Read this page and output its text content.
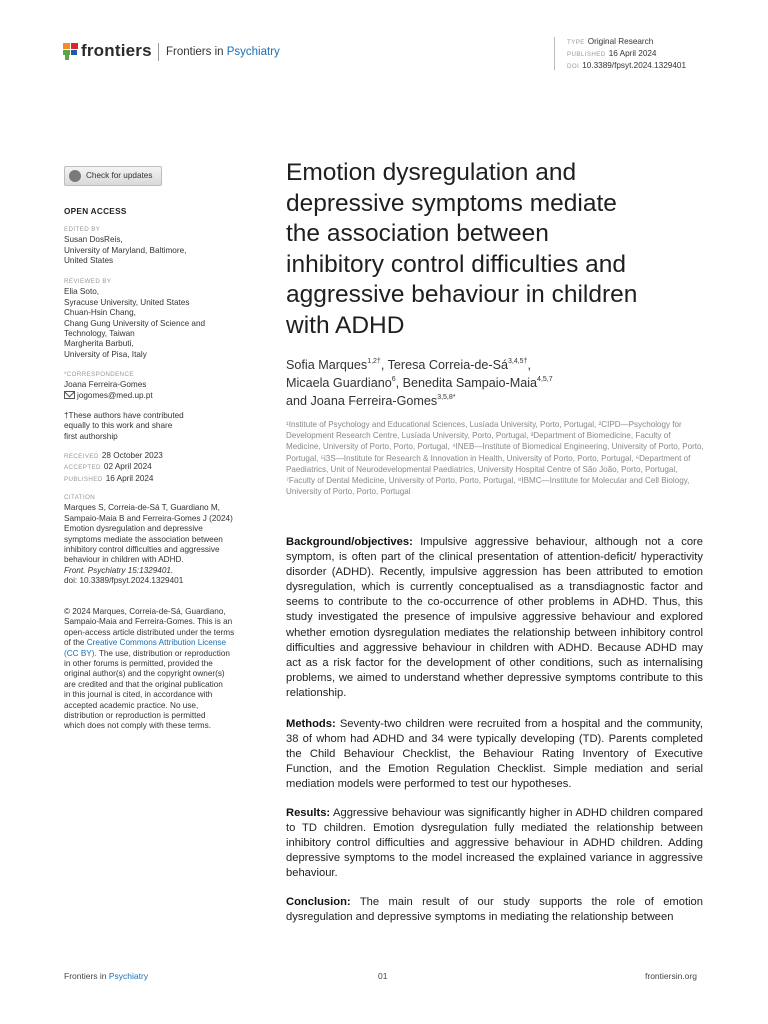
frontiers Frontiers in Psychiatry
TYPE Original Research
PUBLISHED 16 April 2024
DOI 10.3389/fpsyt.2024.1329401
Check for updates
OPEN ACCESS
EDITED BY
Susan DosReis,
University of Maryland, Baltimore,
United States
REVIEWED BY
Elia Soto,
Syracuse University, United States
Chuan-Hsin Chang,
Chang Gung University of Science and
Technology, Taiwan
Margherita Barbuti,
University of Pisa, Italy
*CORRESPONDENCE
Joana Ferreira-Gomes
jogomes@med.up.pt
†These authors have contributed
equally to this work and share
first authorship
RECEIVED 28 October 2023
ACCEPTED 02 April 2024
PUBLISHED 16 April 2024
CITATION
Marques S, Correia-de-Sá T, Guardiano M,
Sampaio-Maia B and Ferreira-Gomes J (2024)
Emotion dysregulation and depressive
symptoms mediate the association between
inhibitory control difficulties and aggressive
behaviour in children with ADHD.
Front. Psychiatry 15:1329401.
doi: 10.3389/fpsyt.2024.1329401
© 2024 Marques, Correia-de-Sá, Guardiano,
Sampaio-Maia and Ferreira-Gomes. This is an
open-access article distributed under the terms
of the Creative Commons Attribution License
(CC BY). The use, distribution or reproduction
in other forums is permitted, provided the
original author(s) and the copyright owner(s)
are credited and that the original publication
in this journal is cited, in accordance with
accepted academic practice. No use,
distribution or reproduction is permitted
which does not comply with these terms.
Emotion dysregulation and
depressive symptoms mediate
the association between
inhibitory control difficulties and
aggressive behaviour in children
with ADHD
Sofia Marques$^{1,2\dagger}$, Teresa Correia-$de-Sá^{3,4,5\dagger}$,
Micaela Guardiano$^6$, Benedita Sampaio-Maia$^{4,5,7}$
and Joana Ferreira-Gomes$^{3,5,8*}$
¹Institute of Psychology and Educational Sciences, Lusíada University, Porto, Portugal, ²CIPD—Psychology for Development Research Centre, Lusíada University, Porto, Portugal, ³Department of Biomedicine, Faculty of Medicine, University of Porto, Porto, Portugal, ⁴INEB—Institute of Biomedical Engineering, University of Porto, Porto, Portugal, ⁵i3S—Institute for Research & Innovation in Health, University of Porto, Porto, Portugal, ⁶Department of Paediatrics, Unit of Neurodevelopmental Paediatrics, University Hospital Centre of São João, Porto, Portugal, ⁷Faculty of Dental Medicine, University of Porto, Porto, Portugal, ⁸IBMC—Institute for Molecular and Cell Biology, University of Porto, Porto, Portugal
Background/objectives: Impulsive aggressive behaviour, although not a core symptom, is often part of the clinical presentation of attention-deficit/ hyperactivity disorder (ADHD). Recently, impulsive aggression has been attributed to emotion dysregulation, which is currently conceptualised as a transdiagnostic factor and seems to contribute to the co-occurrence of other problems in ADHD. Thus, this study investigated the presence of impulsive aggressive behaviour and explored whether emotion dysregulation mediates the relationship between inhibitory control difficulties and aggressive behaviour in children with ADHD. Because ADHD may act as a risk factor for the development of other conditions, such as internalising problems, we aimed to understand whether depressive symptoms contribute to this relationship.
Methods: Seventy-two children were recruited from a hospital and the community, 38 of whom had ADHD and 34 were typically developing (TD). Parents completed the Child Behaviour Checklist, the Behaviour Rating Inventory of Executive Function, and the Emotion Regulation Checklist. Simple mediation and serial mediation models were performed to test our hypotheses.
Results: Aggressive behaviour was significantly higher in ADHD children compared to TD children. Emotion dysregulation fully mediated the relationship between inhibitory control difficulties and aggressive behaviour in ADHD children. Adding depressive symptoms to the model increased the explained variance in aggressive behaviour.
Conclusion: The main result of our study supports the role of emotion dysregulation and depressive symptoms in mediating the relationship between
Frontiers in Psychiatry	01	frontiersin.org
